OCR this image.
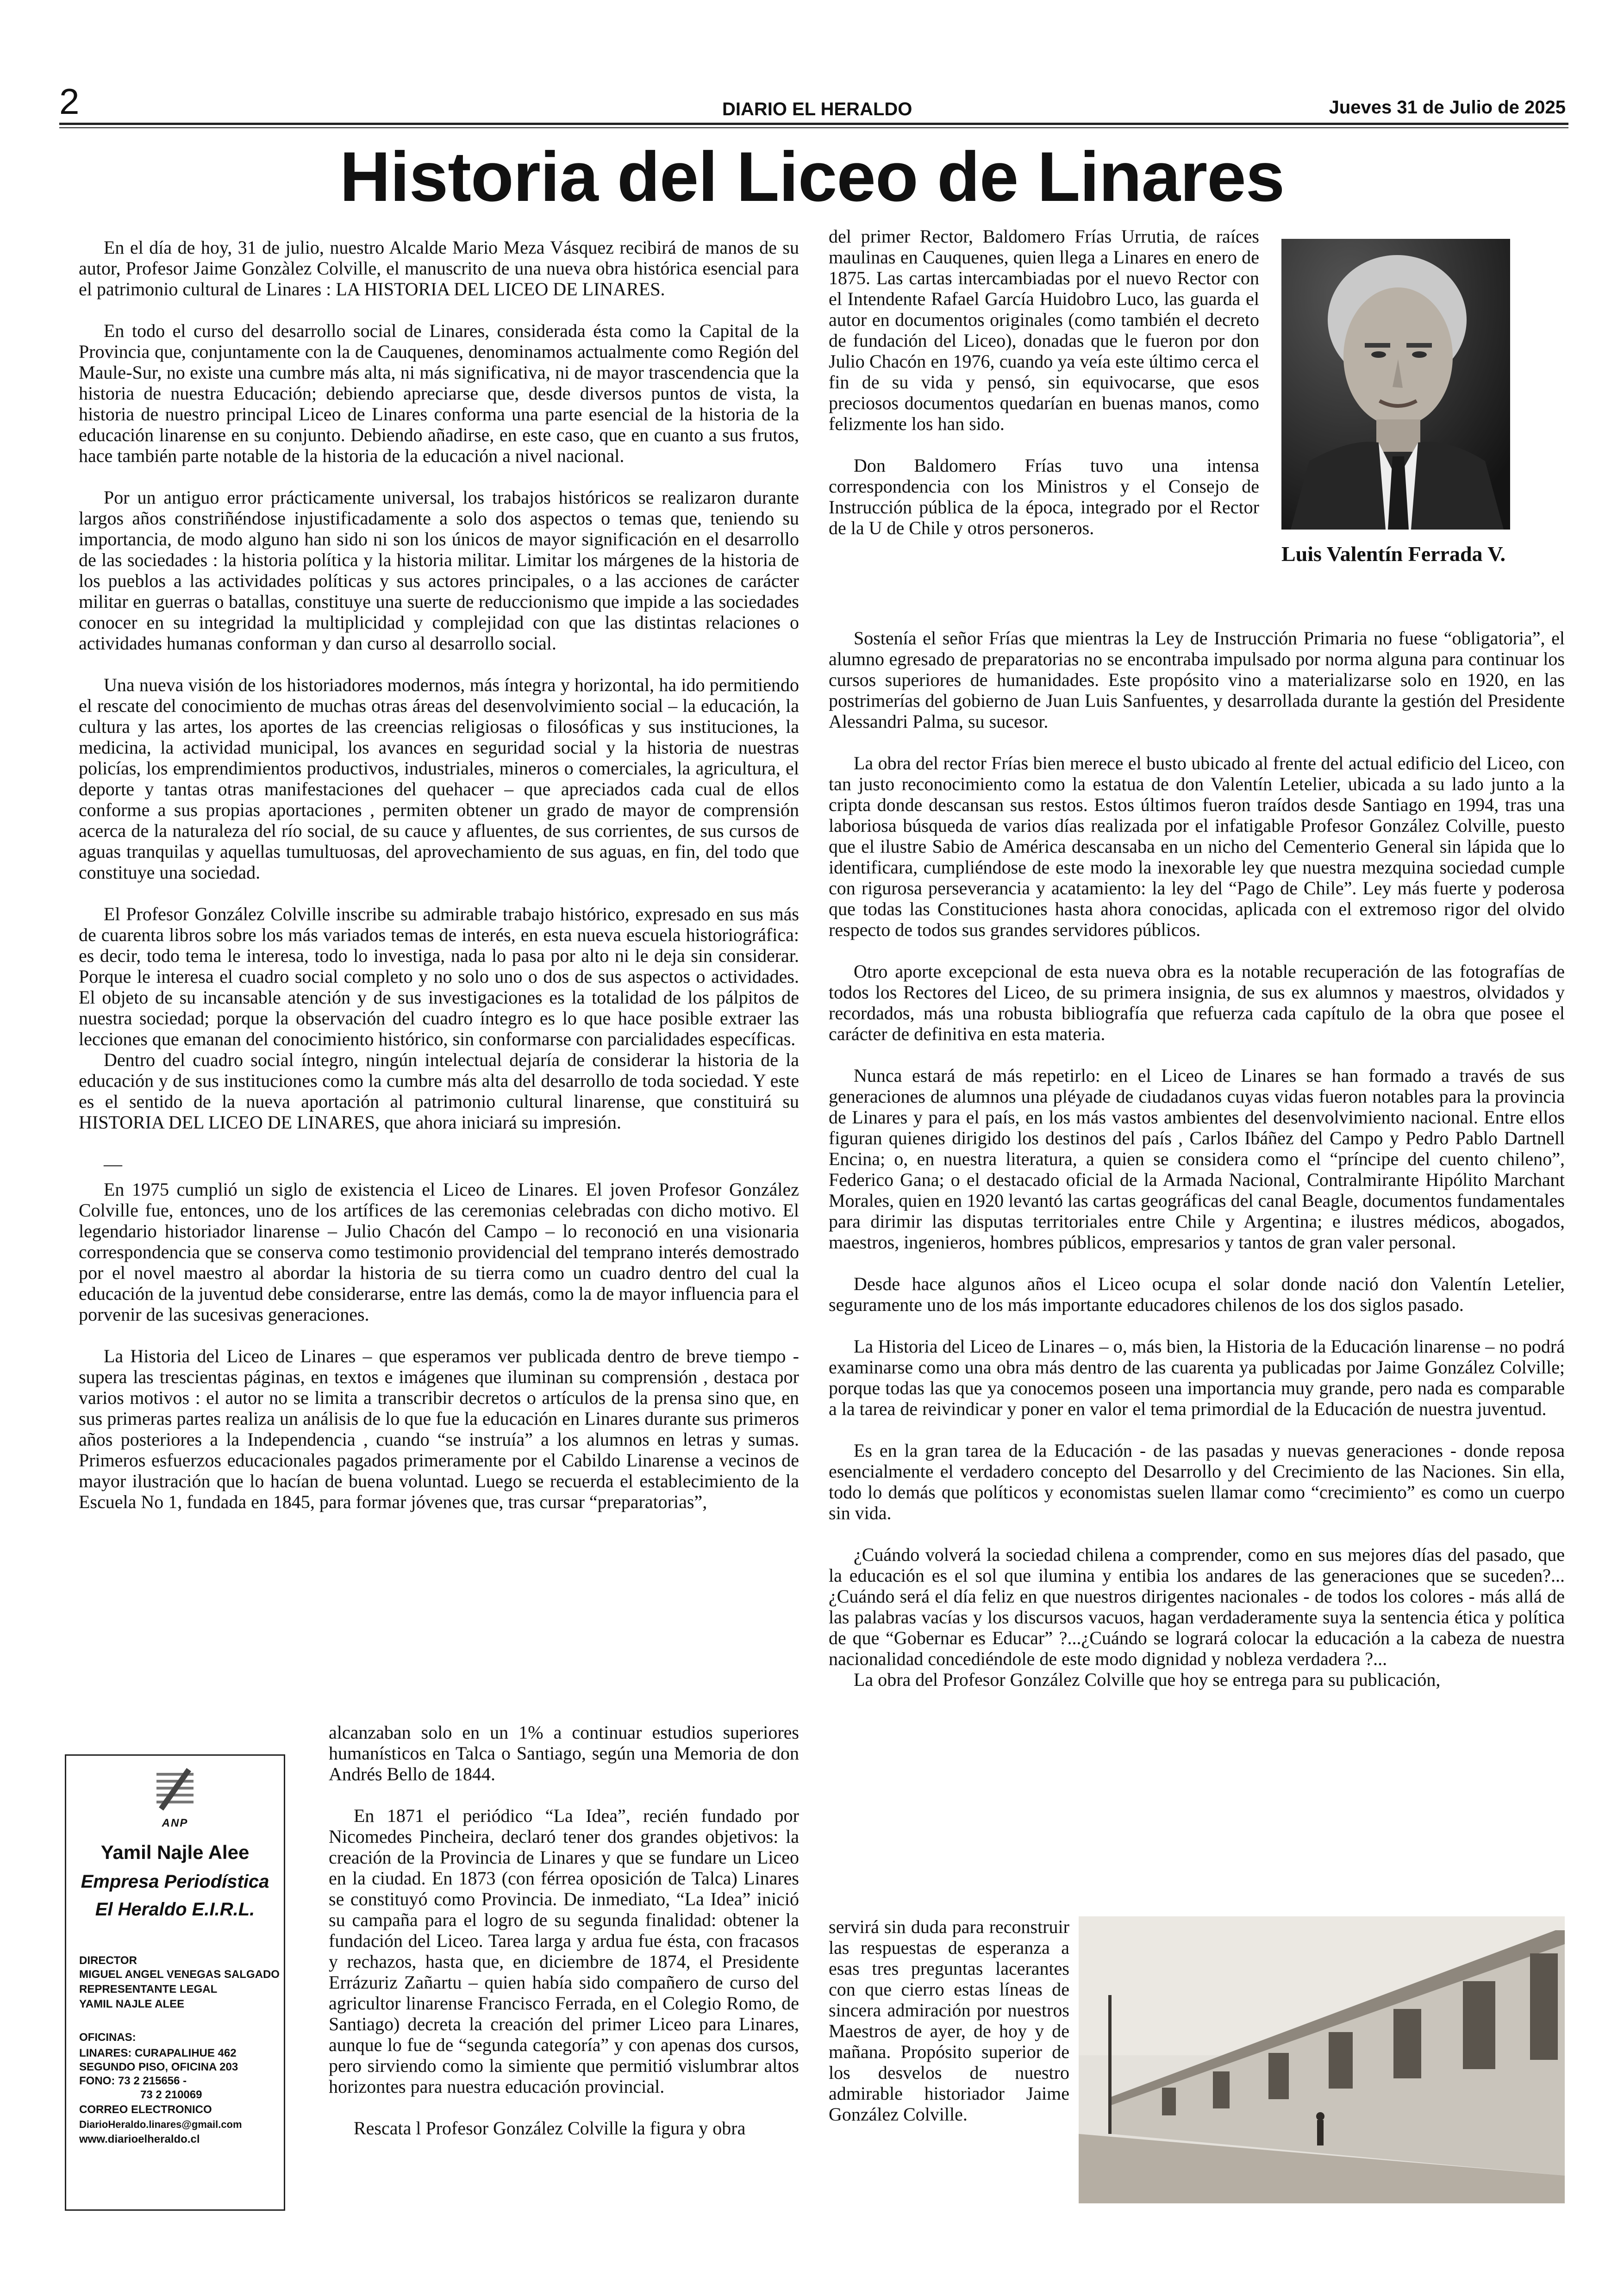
2	DIARIO EL HERALDO	Jueves 31 de Julio de 2025
Historia del Liceo de Linares

En el día de hoy, 31 de julio, nuestro Alcalde Mario Meza Vásquez recibirá de manos de su autor, Profesor Jaime Gonzàlez Colville, el manuscrito de una nueva obra histórica esencial para el patrimonio cultural de Linares : LA HISTORIA DEL LICEO DE LINARES.

En todo el curso del desarrollo social de Linares, considerada ésta como la Capital de la Provincia que, conjuntamente con la de Cauquenes, denominamos actualmente como Región del Maule-Sur, no existe una cumbre más alta, ni más significativa, ni de mayor trascendencia que la historia de nuestra Educación; debiendo apreciarse que, desde diversos puntos de vista, la historia de nuestro principal Liceo de Linares conforma una parte esencial de la historia de la educación linarense en su conjunto. Debiendo añadirse, en este caso, que en cuanto a sus frutos, hace también parte notable de la historia de la educación a nivel nacional.

Por un antiguo error prácticamente universal, los trabajos históricos se realizaron durante largos años constriñéndose injustificadamente a solo dos aspectos o temas que, teniendo su importancia, de modo alguno han sido ni son los únicos de mayor significación en el desarrollo de las sociedades : la historia política y la historia militar. Limitar los márgenes de la historia de los pueblos a las actividades políticas y sus actores principales, o a las acciones de carácter militar en guerras o batallas, constituye una suerte de reduccionismo que impide a las sociedades conocer en su integridad la multiplicidad y complejidad con que las distintas relaciones o actividades humanas conforman y dan curso al desarrollo social.

Una nueva visión de los historiadores modernos, más íntegra y horizontal, ha ido permitiendo el rescate del conocimiento de muchas otras áreas del desenvolvimiento social – la educación, la cultura y las artes, los aportes de las creencias religiosas o filosóficas y sus instituciones, la medicina, la actividad municipal, los avances en seguridad social y la historia de nuestras policías, los emprendimientos productivos, industriales, mineros o comerciales, la agricultura, el deporte y tantas otras manifestaciones del quehacer – que apreciados cada cual de ellos conforme a sus propias aportaciones , permiten obtener un grado de mayor de comprensión acerca de la naturaleza del río social, de su cauce y afluentes, de sus corrientes, de sus cursos de aguas tranquilas y aquellas tumultuosas, del aprovechamiento de sus aguas, en fin, del todo que constituye una sociedad.

El Profesor González Colville inscribe su admirable trabajo histórico, expresado en sus más de cuarenta libros sobre los más variados temas de interés, en esta nueva escuela historiográfica: es decir, todo tema le interesa, todo lo investiga, nada lo pasa por alto ni le deja sin considerar. Porque le interesa el cuadro social completo y no solo uno o dos de sus aspectos o actividades. El objeto de su incansable atención y de sus investigaciones es la totalidad de los pálpitos de nuestra sociedad; porque la observación del cuadro íntegro es lo que hace posible extraer las lecciones que emanan del conocimiento histórico, sin conformarse con parcialidades específicas.

Dentro del cuadro social íntegro, ningún intelectual dejaría de considerar la historia de la educación y de sus instituciones como la cumbre más alta del desarrollo de toda sociedad. Y este es el sentido de la nueva aportación al patrimonio cultural linarense, que constituirá su HISTORIA DEL LICEO DE LINARES, que ahora iniciará su impresión.

—

En 1975 cumplió un siglo de existencia el Liceo de Linares. El joven Profesor González Colville fue, entonces, uno de los artífices de las ceremonias celebradas con dicho motivo. El legendario historiador linarense – Julio Chacón del Campo – lo reconoció en una visionaria correspondencia que se conserva como testimonio providencial del temprano interés demostrado por el novel maestro al abordar la historia de su tierra como un cuadro dentro del cual la educación de la juventud debe considerarse, entre las demás, como la de mayor influencia para el porvenir de las sucesivas generaciones.

La Historia del Liceo de Linares – que esperamos ver publicada dentro de breve tiempo - supera las trescientas páginas, en textos e imágenes que iluminan su comprensión , destaca por varios motivos : el autor no se limita a transcribir decretos o artículos de la prensa sino que, en sus primeras partes realiza un análisis de lo que fue la educación en Linares durante sus primeros años posteriores a la Independencia , cuando “se instruía” a los alumnos en letras y sumas. Primeros esfuerzos educacionales pagados primeramente por el Cabildo Linarense a vecinos de mayor ilustración que lo hacían de buena voluntad. Luego se recuerda el establecimiento de la Escuela No 1, fundada en 1845, para formar jóvenes que, tras cursar “preparatorias”,

alcanzaban solo en un 1% a continuar estudios superiores humanísticos en Talca o Santiago, según una Memoria de don Andrés Bello de 1844.

En 1871 el periódico “La Idea”, recién fundado por Nicomedes Pincheira, declaró tener dos grandes objetivos: la creación de la Provincia de Linares y que se fundare un Liceo en la ciudad. En 1873 (con férrea oposición de Talca) Linares se constituyó como Provincia. De inmediato, “La Idea” inició su campaña para el logro de su segunda finalidad: obtener la fundación del Liceo. Tarea larga y ardua fue ésta, con fracasos y rechazos, hasta que, en diciembre de 1874, el Presidente Errázuriz Zañartu – quien había sido compañero de curso del agricultor linarense Francisco Ferrada, en el Colegio Romo, de Santiago) decreta la creación del primer Liceo para Linares, aunque lo fue de “segunda categoría” y con apenas dos cursos, pero sirviendo como la simiente que permitió vislumbrar altos horizontes para nuestra educación provincial.

Rescata l Profesor González Colville la figura y obra

del primer Rector, Baldomero Frías Urrutia, de raíces maulinas en Cauquenes, quien llega a Linares en enero de 1875. Las cartas intercambiadas por el nuevo Rector con el Intendente Rafael García Huidobro Luco, las guarda el autor en documentos originales (como también el decreto de fundación del Liceo), donadas que le fueron por don Julio Chacón en 1976, cuando ya veía este último cerca el fin de su vida y pensó, sin equivocarse, que esos preciosos documentos quedarían en buenas manos, como felizmente los han sido.

Don Baldomero Frías tuvo una intensa correspondencia con los Ministros y el Consejo de Instrucción pública de la época, integrado por el Rector de la U de Chile y otros personeros.

Luis Valentín Ferrada V.

Sostenía el señor Frías que mientras la Ley de Instrucción Primaria no fuese “obligatoria”, el alumno egresado de preparatorias no se encontraba impulsado por norma alguna para continuar los cursos superiores de humanidades. Este propósito vino a materializarse solo en 1920, en las postrimerías del gobierno de Juan Luis Sanfuentes, y desarrollada durante la gestión del Presidente Alessandri Palma, su sucesor.

La obra del rector Frías bien merece el busto ubicado al frente del actual edificio del Liceo, con tan justo reconocimiento como la estatua de don Valentín Letelier, ubicada a su lado junto a la cripta donde descansan sus restos. Estos últimos fueron traídos desde Santiago en 1994, tras una laboriosa búsqueda de varios días realizada por el infatigable Profesor González Colville, puesto que el ilustre Sabio de América descansaba en un nicho del Cementerio General sin lápida que lo identificara, cumpliéndose de este modo la inexorable ley que nuestra mezquina sociedad cumple con rigurosa perseverancia y acatamiento: la ley del “Pago de Chile”. Ley más fuerte y poderosa que todas las Constituciones hasta ahora conocidas, aplicada con el extremoso rigor del olvido respecto de todos sus grandes servidores públicos.

Otro aporte excepcional de esta nueva obra es la notable recuperación de las fotografías de todos los Rectores del Liceo, de su primera insignia, de sus ex alumnos y maestros, olvidados y recordados, más una robusta bibliografía que refuerza cada capítulo de la obra que posee el carácter de definitiva en esta materia.

Nunca estará de más repetirlo: en el Liceo de Linares se han formado a través de sus generaciones de alumnos una pléyade de ciudadanos cuyas vidas fueron notables para la provincia de Linares y para el país, en los más vastos ambientes del desenvolvimiento nacional. Entre ellos figuran quienes dirigido los destinos del país , Carlos Ibáñez del Campo y Pedro Pablo Dartnell Encina; o, en nuestra literatura, a quien se considera como el “príncipe del cuento chileno”, Federico Gana; o el destacado oficial de la Armada Nacional, Contralmirante Hipólito Marchant Morales, quien en 1920 levantó las cartas geográficas del canal Beagle, documentos fundamentales para dirimir las disputas territoriales entre Chile y Argentina; e ilustres médicos, abogados, maestros, ingenieros, hombres públicos, empresarios y tantos de gran valer personal.

Desde hace algunos años el Liceo ocupa el solar donde nació don Valentín Letelier, seguramente uno de los más importante educadores chilenos de los dos siglos pasado.

La Historia del Liceo de Linares – o, más bien, la Historia de la Educación linarense – no podrá examinarse como una obra más dentro de las cuarenta ya publicadas por Jaime González Colville; porque todas las que ya conocemos poseen una importancia muy grande, pero nada es comparable a la tarea de reivindicar y poner en valor el tema primordial de la Educación de nuestra juventud.

Es en la gran tarea de la Educación - de las pasadas y nuevas generaciones - donde reposa esencialmente el verdadero concepto del Desarrollo y del Crecimiento de las Naciones. Sin ella, todo lo demás que políticos y economistas suelen llamar como “crecimiento” es como un cuerpo sin vida.

¿Cuándo volverá la sociedad chilena a comprender, como en sus mejores días del pasado, que la educación es el sol que ilumina y entibia los andares de las generaciones que se suceden?... ¿Cuándo será el día feliz en que nuestros dirigentes nacionales - de todos los colores - más allá de las palabras vacías y los discursos vacuos, hagan verdaderamente suya la sentencia ética y política de que “Gobernar es Educar” ?...¿Cuándo se logrará colocar la educación a la cabeza de nuestra nacionalidad concediéndole de este modo dignidad y nobleza verdadera ?...

La obra del Profesor González Colville que hoy se entrega para su publicación,

servirá sin duda para reconstruir las respuestas de esperanza a esas tres preguntas lacerantes con que cierro estas líneas de sincera admiración por nuestros Maestros de ayer, de hoy y de mañana. Propósito superior de los desvelos de nuestro admirable historiador Jaime González Colville.

ANP
Yamil Najle Alee
Empresa Periodística
El Heraldo E.I.R.L.
DIRECTOR
MIGUEL ANGEL VENEGAS SALGADO
REPRESENTANTE LEGAL
YAMIL NAJLE ALEE
OFICINAS:
LINARES: CURAPALIHUE 462
SEGUNDO PISO, OFICINA 203
FONO: 73 2 215656 -
73 2 210069
CORREO ELECTRONICO
DiarioHeraldo.linares@gmail.com
www.diarioelheraldo.cl
